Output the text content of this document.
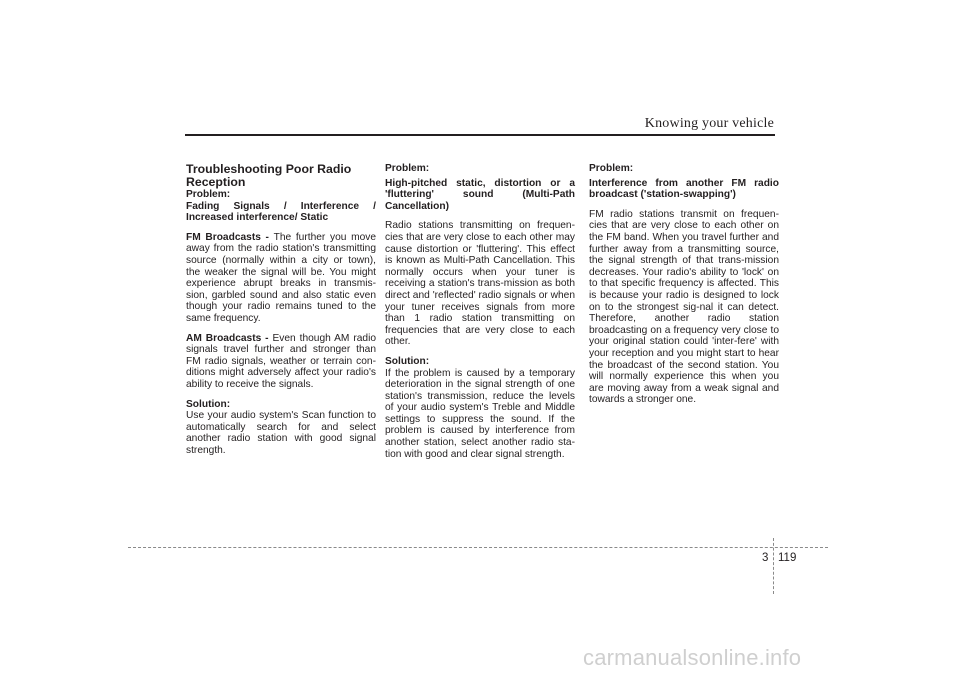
Knowing your vehicle
Troubleshooting Poor Radio Reception

Problem:

Fading Signals / Interference / Increased interference/ Static

FM Broadcasts - The further you move away from the radio station's transmitting source (normally within a city or town), the weaker the signal will be. You might experience abrupt breaks in transmis-sion, garbled sound and also static even though your radio remains tuned to the same frequency.

AM Broadcasts - Even though AM radio signals travel further and stronger than FM radio signals, weather or terrain con-ditions might adversely affect your radio's ability to receive the signals.

Solution:

Use your audio system's Scan function to automatically search for and select another radio station with good signal strength.

Problem:

High-pitched static, distortion or a 'fluttering' sound (Multi-Path Cancellation)

Radio stations transmitting on frequen-cies that are very close to each other may cause distortion or 'fluttering'. This effect is known as Multi-Path Cancellation. This normally occurs when your tuner is receiving a station's trans-mission as both direct and 'reflected' radio signals or when your tuner receives signals from more than 1 radio station transmitting on frequencies that are very close to each other.

Solution:

If the problem is caused by a temporary deterioration in the signal strength of one station's transmission, reduce the levels of your audio system's Treble and Middle settings to suppress the sound. If the problem is caused by interference from another station, select another radio sta-tion with good and clear signal strength.

Problem:

Interference from another FM radio broadcast ('station-swapping')

FM radio stations transmit on frequen-cies that are very close to each other on the FM band. When you travel further and further away from a transmitting source, the signal strength of that trans-mission decreases. Your radio's ability to 'lock' on to that specific frequency is affected. This is because your radio is designed to lock on to the strongest sig-nal it can detect. Therefore, another radio station broadcasting on a frequency very close to your original station could 'inter-fere' with your reception and you might start to hear the broadcast of the second station. You will normally experience this when you are moving away from a weak signal and towards a stronger one.

3 119
carmanualsonline.info
